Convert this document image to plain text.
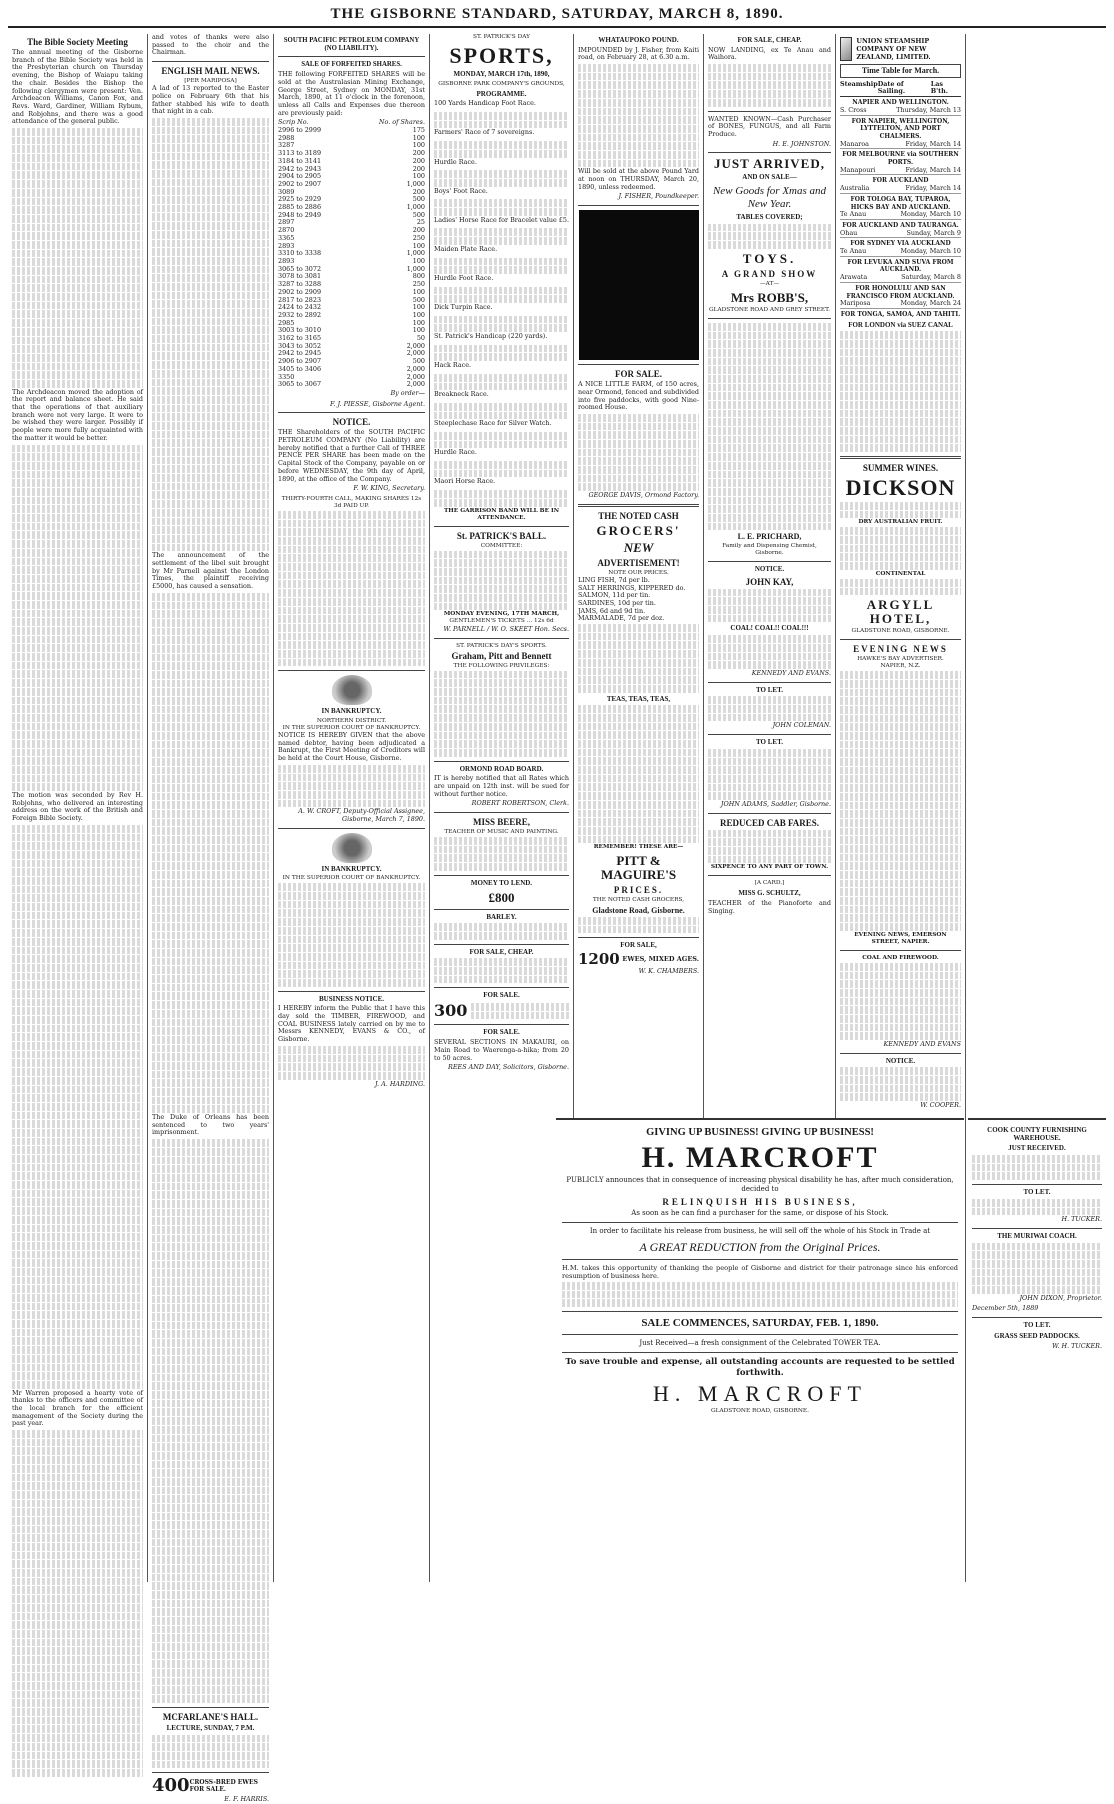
THE GISBORNE STANDARD, SATURDAY, MARCH 8, 1890.
The Bible Society Meeting

The annual meeting of the Gisborne branch of the Bible Society was held in the Presbyterian church on Thursday evening, the Bishop of Waiapu taking the chair. Besides the Bishop the following clergymen were present: Ven. Archdeacon Williams, Canon Fox, and Revs. Ward, Gardiner, William Rybum, and Robjohns, and there was a good attendance of the general public.

The Archdeacon moved the adoption of the report and balance sheet. He said that the operations of that auxiliary branch were not very large. It were to be wished they were larger. Possibly if people were more fully acquainted with the matter it would be better.

The motion was seconded by Rev H. Robjohns, who delivered an interesting address on the work of the British and Foreign Bible Society.

Mr Warren proposed a hearty vote of thanks to the officers and committee of the local branch for the efficient management of the Society during the past year.

and votes of thanks were also passed to the choir and the Chairman.

ENGLISH MAIL NEWS.
[PER MARIPOSA]

A lad of 13 reported to the Easter police on February 6th that his father stabbed his wife to death that night in a cab.

The announcement of the settlement of the libel suit brought by Mr Parnell against the London Times, the plaintiff receiving £5000, has caused a sensation.

The Duke of Orleans has been sentenced to two years' imprisonment.

MCFARLANE'S HALL.
LECTURE, SUNDAY, 7 P.M.
400 CROSS-BRED EWES FOR SALE.
E. F. HARRIS.
SOUTH PACIFIC PETROLEUM COMPANY (NO LIABILITY).
SALE OF FORFEITED SHARES.

THE following FORFEITED SHARES will be sold at the Australasian Mining Exchange, George Street, Sydney on MONDAY, 31st March, 1890, at 11 o'clock in the forenoon, unless all Calls and Expenses due thereon are previously paid:

Scrip No.	No. of Shares.
2996 to 2999	175
2988	100
3287	100
3113 to 3189	200
3184 to 3141	200
2942 to 2943	200
2904 to 2905	100
2902 to 2907	1,000
3089	200
2925 to 2929	500
2885 to 2886	1,000
2948 to 2949	500
2897	25
2870	200
3365	250
2893	100
3310 to 3338	1,000
2893	100
3065 to 3072	1,000
3078 to 3081	800
3287 to 3288	250
2902 to 2909	100
2817 to 2823	500
2424 to 2432	100
2932 to 2892	100
2985	100
3003 to 3010	100
3162 to 3165	50
3043 to 3052	2,000
2942 to 2945	2,000
2906 to 2907	500
3405 to 3406	2,000
3350	2,000
3065 to 3067	2,000
By order—
F. J. PIESSE, Gisborne Agent.
NOTICE.

THE Shareholders of the SOUTH PACIFIC PETROLEUM COMPANY (No Liability) are hereby notified that a further Call of THREE PENCE PER SHARE has been made on the Capital Stock of the Company, payable on or before WEDNESDAY, the 9th day of April, 1890, at the office of the Company.

F. W. KING, Secretary.
THIRTY-FOURTH CALL, MAKING SHARES 12s 3d PAID UP.
IN BANKRUPTCY.
NORTHERN DISTRICT.
IN THE SUPERIOR COURT OF BANKRUPTCY.

NOTICE IS HEREBY GIVEN that the above named debtor, having been adjudicated a Bankrupt, the First Meeting of Creditors will be held at the Court House, Gisborne.

A. W. CROFT, Deputy-Official Assignee, Gisborne, March 7, 1890.
IN BANKRUPTCY.
IN THE SUPERIOR COURT OF BANKRUPTCY.
BUSINESS NOTICE.

I HEREBY inform the Public that I have this day sold the TIMBER, FIREWOOD, and COAL BUSINESS lately carried on by me to Messrs KENNEDY, EVANS & CO., of Gisborne.

J. A. HARDING.
ST. PATRICK'S DAY
SPORTS,
MONDAY, MARCH 17th, 1890,
GISBORNE PARK COMPANY'S GROUNDS,
PROGRAMME.
100 Yards Handicap Foot Race.
Farmers' Race of 7 sovereigns.
Hurdle Race.
Boys' Foot Race.
Ladies' Horse Race for Bracelet value £5.
Maiden Plate Race.
Hurdle Foot Race.
Dick Turpin Race.
St. Patrick's Handicap (220 yards).
Hack Race.
Breakneck Race.
Steeplechase Race for Silver Watch.
Hurdle Race.
Maori Horse Race.
THE GARRISON BAND WILL BE IN ATTENDANCE.
St. PATRICK'S BALL.
COMMITTEE:
MONDAY EVENING, 17TH MARCH,
GENTLEMEN'S TICKETS ... 12s 6d
W. PARNELL / W. O. SKEET Hon. Secs.
ST. PATRICK'S DAY'S SPORTS.
Graham, Pitt and Bennett
THE FOLLOWING PRIVILEGES:
ORMOND ROAD BOARD.

IT is hereby notified that all Rates which are unpaid on 12th inst. will be sued for without further notice.

ROBERT ROBERTSON, Clerk.
MISS BEERE,
TEACHER OF MUSIC AND PAINTING.
MONEY TO LEND.
£800
BARLEY.
FOR SALE, CHEAP.
FOR SALE.
300
FOR SALE.

SEVERAL SECTIONS IN MAKAURI, on Main Road to Waerenga-a-hika; from 20 to 50 acres.

REES AND DAY, Solicitors, Gisborne.
WHATAUPOKO POUND.

IMPOUNDED by J. Fisher, from Kaiti road, on February 28, at 6.30 a.m.

Will be sold at the above Pound Yard at noon on THURSDAY, March 20, 1890, unless redeemed.

J. FISHER, Poundkeeper.
FOR SALE.

A NICE LITTLE FARM, of 150 acres, near Ormond, fenced and subdivided into five paddocks, with good Nine-roomed House.

GEORGE DAVIS, Ormond Factory.
THE NOTED CASH
GROCERS'
NEW
ADVERTISEMENT!
NOTE OUR PRICES.
LING FISH, 7d per lb.
SALT HERRINGS, KIPPERED do.
SALMON, 11d per tin.
SARDINES, 10d per tin.
JAMS, 6d and 9d tin.
MARMALADE, 7d per doz.
TEAS, TEAS, TEAS,
REMEMBER! THESE ARE—
PITT & MAGUIRE'S
PRICES.
THE NOTED CASH GROCERS,
Gladstone Road, Gisborne.
FOR SALE,
1200 EWES, MIXED AGES.
W. K. CHAMBERS.
FOR SALE, CHEAP.

NOW LANDING, ex Te Anau and Waihora.

WANTED KNOWN—Cash Purchaser of BONES, FUNGUS, and all Farm Produce.

H. E. JOHNSTON.
JUST ARRIVED,
AND ON SALE—
New Goods for Xmas and New Year.
TABLES COVERED;
TOYS.
A GRAND SHOW
—AT—
Mrs ROBB'S,
GLADSTONE ROAD AND GREY STREET.
L. E. PRICHARD,
Family and Dispensing Chemist, Gisborne.
NOTICE.
JOHN KAY,
COAL! COAL!! COAL!!!
KENNEDY AND EVANS.
TO LET.
JOHN COLEMAN.
TO LET.
JOHN ADAMS, Saddler, Gisborne.
REDUCED CAB FARES.
SIXPENCE TO ANY PART OF TOWN.
[A CARD.]
MISS G. SCHULTZ,

TEACHER of the Pianoforte and Singing.

UNION STEAMSHIP COMPANY OF NEW ZEALAND, LIMITED.
Time Table for March.
Steamship Date of Sailing.
Las B'th.
NAPIER AND WELLINGTON.
S. Cross	Thursday, March 13
FOR NAPIER, WELLINGTON, LYTTELTON, AND PORT CHALMERS.
Manaroa	Friday, March 14
FOR MELBOURNE via SOUTHERN PORTS.
Manapouri	Friday, March 14
FOR AUCKLAND
Australia	Friday, March 14
FOR TOLOGA BAY, TUPAROA, HICKS BAY AND AUCKLAND.
Te Anau	Monday, March 10
FOR AUCKLAND AND TAURANGA.
Ohau	Sunday, March 9
FOR SYDNEY VIA AUCKLAND
Te Anau	Monday, March 10
FOR LEVUKA AND SUVA FROM AUCKLAND.
Arawata	Saturday, March 8
FOR HONOLULU AND SAN FRANCISCO FROM AUCKLAND.
Mariposa	Monday, March 24
FOR TONGA, SAMOA, AND TAHITI.
FOR LONDON via SUEZ CANAL
SUMMER WINES.
DICKSON
DRY AUSTRALIAN FRUIT.
CONTINENTAL
ARGYLL HOTEL,
GLADSTONE ROAD, GISBORNE.
EVENING NEWS
HAWKE'S BAY ADVERTISER.
NAPIER, N.Z.
EVENING NEWS, EMERSON STREET, NAPIER.
COAL AND FIREWOOD.
KENNEDY AND EVANS
NOTICE.
W. COOPER.
GIVING UP BUSINESS! GIVING UP BUSINESS!
H. MARCROFT

PUBLICLY announces that in consequence of increasing physical disability he has, after much consideration, decided to

RELINQUISH HIS BUSINESS,

As soon as he can find a purchaser for the same, or dispose of his Stock.

In order to facilitate his release from business, he will sell off the whole of his Stock in Trade at

A GREAT REDUCTION from the Original Prices.

H.M. takes this opportunity of thanking the people of Gisborne and district for their patronage since his enforced resumption of business here.

SALE COMMENCES, SATURDAY, FEB. 1, 1890.

Just Received—a fresh consignment of the Celebrated TOWER TEA.

To save trouble and expense, all outstanding accounts are requested to be settled forthwith.

H. MARCROFT
GLADSTONE ROAD, GISBORNE.
COOK COUNTY FURNISHING WAREHOUSE.
JUST RECEIVED.
TO LET.
H. TUCKER.
THE MURIWAI COACH.
JOHN DIXON, Proprietor.
December 5th, 1889
TO LET.
GRASS SEED PADDOCKS.
W. H. TUCKER.
